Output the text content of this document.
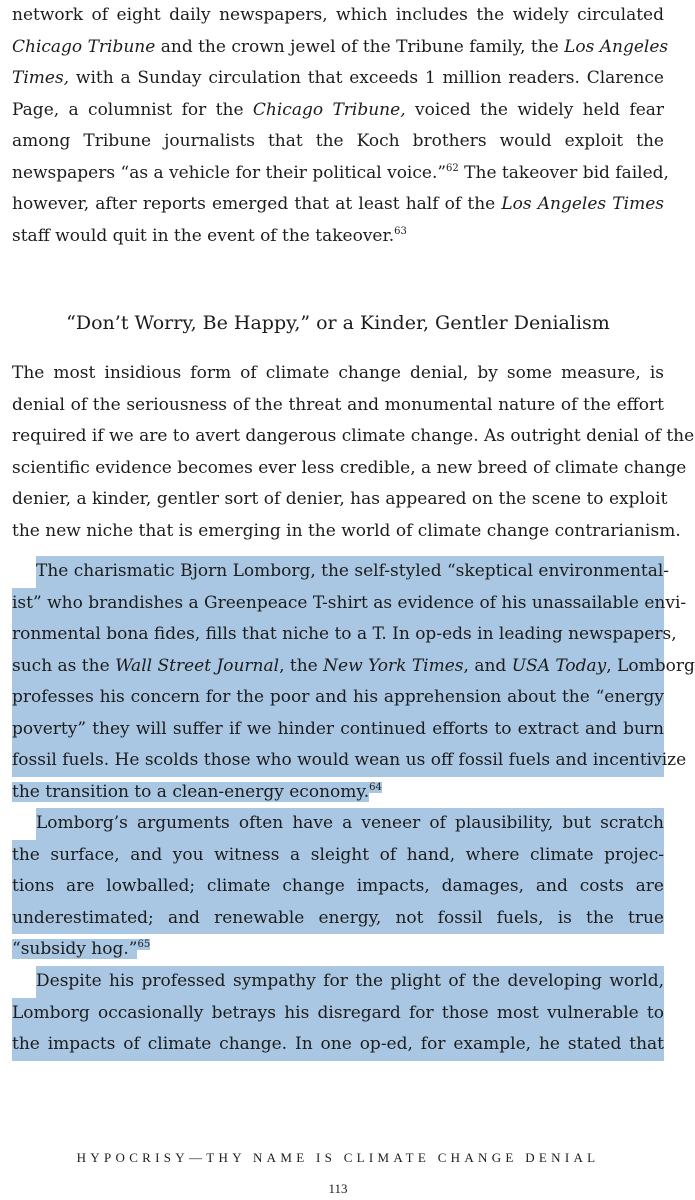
network of eight daily newspapers, which includes the widely circulated
Chicago Tribune and the crown jewel of the Tribune family, the Los Angeles
Times, with a Sunday circulation that exceeds 1 million readers. Clarence
Page, a columnist for the Chicago Tribune, voiced the widely held fear
among Tribune journalists that the Koch brothers would exploit the
newspapers “as a vehicle for their political voice.”$^{62}$ The takeover bid failed,
however, after reports emerged that at least half of the Los Angeles Times
staff would quit in the event of the takeover.$^{63}$
“Don’t Worry, Be Happy,” or a Kinder, Gentler Denialism
The most insidious form of climate change denial, by some measure, is
denial of the seriousness of the threat and monumental nature of the effort
required if we are to avert dangerous climate change. As outright denial of the
scientific evidence becomes ever less credible, a new breed of climate change
denier, a kinder, gentler sort of denier, has appeared on the scene to exploit
the new niche that is emerging in the world of climate change contrarianism.
The charismatic Bjorn Lomborg, the self-styled “skeptical environmental-
ist” who brandishes a Greenpeace T-shirt as evidence of his unassailable envi-
ronmental bona fides, fills that niche to a T. In op-eds in leading newspapers,
such as the Wall Street Journal, the New York Times, and USA Today, Lomborg
professes his concern for the poor and his apprehension about the “energy
poverty” they will suffer if we hinder continued efforts to extract and burn
fossil fuels. He scolds those who would wean us off fossil fuels and incentivize
the transition to a clean-energy economy.$^{64}$
Lomborg’s arguments often have a veneer of plausibility, but scratch
the surface, and you witness a sleight of hand, where climate projec-
tions are lowballed; climate change impacts, damages, and costs are
underestimated; and renewable energy, not fossil fuels, is the true
“subsidy hog.”$^{65}$
Despite his professed sympathy for the plight of the developing world,
Lomborg occasionally betrays his disregard for those most vulnerable to
the impacts of climate change. In one op-ed, for example, he stated that
HYPOCRISY—THY NAME IS CLIMATE CHANGE DENIAL
113
